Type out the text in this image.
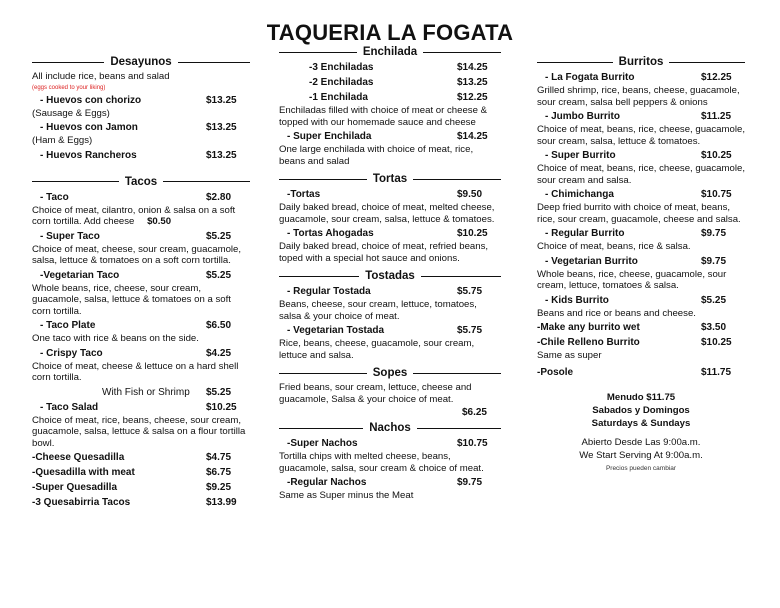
TAQUERIA LA FOGATA
Desayunos
All include rice, beans and salad
(eggs cooked to your liking)
- Huevos con chorizo	$13.25
(Sausage & Eggs)
- Huevos con Jamon	$13.25
(Ham & Eggs)
- Huevos Rancheros	$13.25
Tacos
- Taco	$2.80
Choice of meat, cilantro, onion & salsa on a soft corn tortilla. Add cheese $0.50
- Super Taco	$5.25
Choice of meat, cheese, sour cream, guacamole, salsa, lettuce & tomatoes on a soft corn tortilla.
-Vegetarian Taco	$5.25
Whole beans, rice, cheese, sour cream, guacamole, salsa, lettuce & tomatoes on a soft corn tortilla.
- Taco Plate	$6.50
One taco with rice & beans on the side.
- Crispy Taco	$4.25
Choice of meat, cheese & lettuce on a hard shell corn tortilla.
With Fish or Shrimp	$5.25
- Taco Salad	$10.25
Choice of meat, rice, beans, cheese, sour cream, guacamole, salsa, lettuce & salsa on a flour tortilla bowl.
-Cheese Quesadilla	$4.75
-Quesadilla with meat	$6.75
-Super Quesadilla	$9.25
-3 Quesabirria Tacos	$13.99
Enchilada
-3 Enchiladas	$14.25
-2 Enchiladas	$13.25
-1 Enchilada	$12.25
Enchiladas filled with choice of meat or cheese & topped with our homemade sauce and cheese
- Super Enchilada	$14.25
One large enchilada with choice of meat, rice, beans and salad
Tortas
-Tortas	$9.50
Daily baked bread, choice of meat, melted cheese, guacamole, sour cream, salsa, lettuce & tomatoes.
- Tortas Ahogadas	$10.25
Daily baked bread, choice of meat, refried beans, toped with a special hot sauce and onions.
Tostadas
- Regular Tostada	$5.75
Beans, cheese, sour cream, lettuce, tomatoes, salsa & your choice of meat.
- Vegetarian Tostada	$5.75
Rice, beans, cheese, guacamole, sour cream, lettuce and salsa.
Sopes
Fried beans, sour cream, lettuce, cheese and guacamole, Salsa & your choice of meat.
$6.25
Nachos
-Super Nachos	$10.75
Tortilla chips with melted cheese, beans, guacamole, salsa, sour cream & choice of meat.
-Regular Nachos	$9.75
Same as Super minus the Meat
Burritos
- La Fogata Burrito	$12.25
Grilled shrimp, rice, beans, cheese, guacamole, sour cream, salsa bell peppers & onions
- Jumbo Burrito	$11.25
Choice of meat, beans, rice, cheese, guacamole, sour cream, salsa, lettuce & tomatoes.
- Super Burrito	$10.25
Choice of meat, beans, rice, cheese, guacamole, sour cream and salsa.
- Chimichanga	$10.75
Deep fried burrito with choice of meat, beans, rice, sour cream, guacamole, cheese and salsa.
- Regular Burrito	$9.75
Choice of meat, beans, rice & salsa.
- Vegetarian Burrito	$9.75
Whole beans, rice, cheese, guacamole, sour cream, lettuce, tomatoes & salsa.
- Kids Burrito	$5.25
Beans and rice or beans and cheese.
-Make any burrito wet	$3.50
-Chile Relleno Burrito	$10.25
Same as super
-Posole	$11.75
Menudo $11.75
Sabados y Domingos
Saturdays & Sundays
Abierto Desde Las 9:00a.m.
We Start Serving At 9:00a.m.
Precios pueden cambiar
